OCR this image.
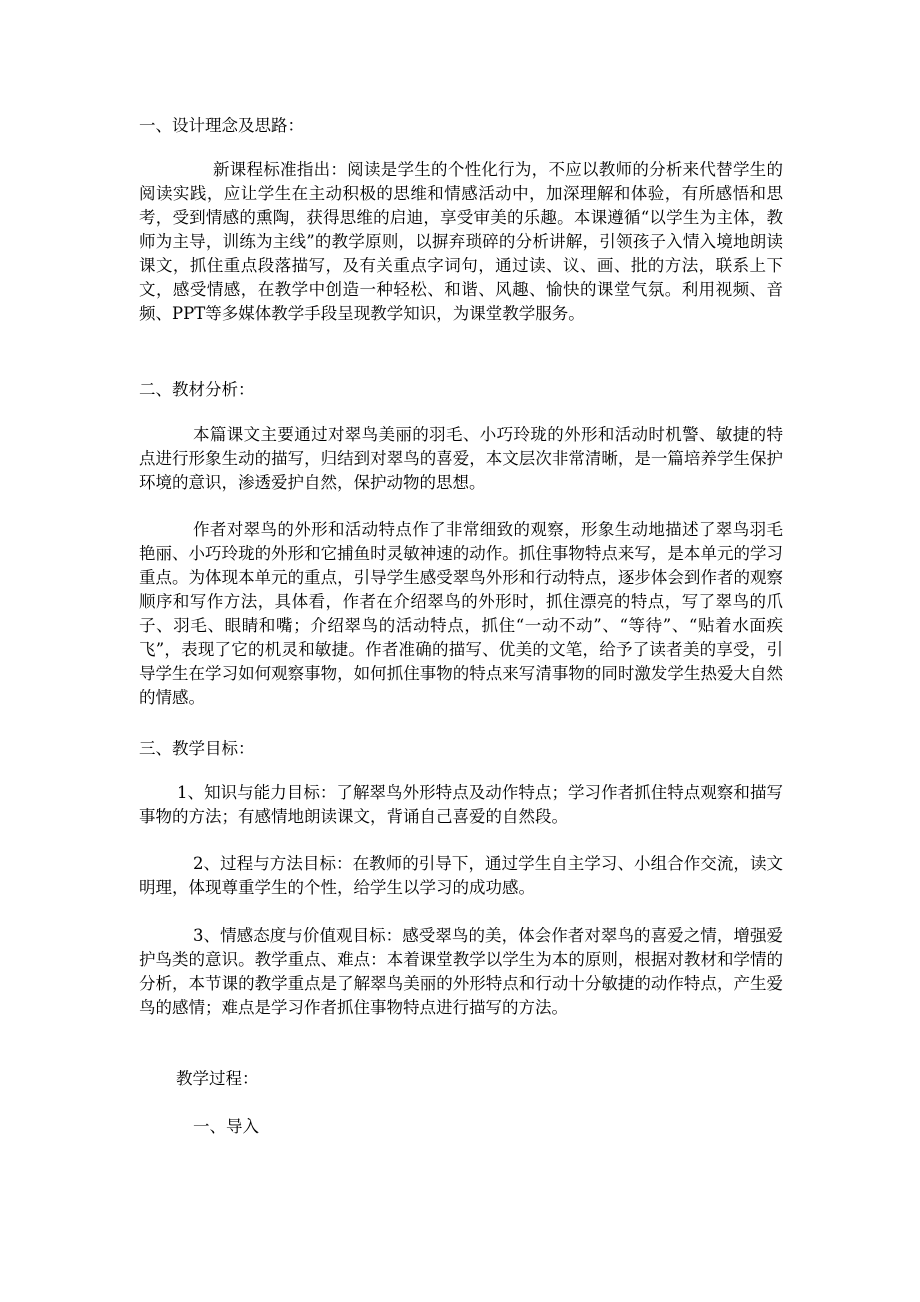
一、设计理念及思路：

新课程标准指出：阅读是学生的个性化行为，不应以教师的分析来代替学生的阅读实践，应让学生在主动积极的思维和情感活动中，加深理解和体验，有所感悟和思考，受到情感的熏陶，获得思维的启迪，享受审美的乐趣。本课遵循“以学生为主体，教师为主导，训练为主线”的教学原则，以摒弃琐碎的分析讲解，引领孩子入情入境地朗读课文，抓住重点段落描写，及有关重点字词句，通过读、议、画、批的方法，联系上下文，感受情感，在教学中创造一种轻松、和谐、风趣、愉快的课堂气氛。利用视频、音频、PPT等多媒体教学手段呈现教学知识，为课堂教学服务。

二、教材分析：

本篇课文主要通过对翠鸟美丽的羽毛、小巧玲珑的外形和活动时机警、敏捷的特点进行形象生动的描写，归结到对翠鸟的喜爱，本文层次非常清晰，是一篇培养学生保护环境的意识，渗透爱护自然，保护动物的思想。

作者对翠鸟的外形和活动特点作了非常细致的观察，形象生动地描述了翠鸟羽毛艳丽、小巧玲珑的外形和它捕鱼时灵敏神速的动作。抓住事物特点来写，是本单元的学习重点。为体现本单元的重点，引导学生感受翠鸟外形和行动特点，逐步体会到作者的观察顺序和写作方法，具体看，作者在介绍翠鸟的外形时，抓住漂亮的特点，写了翠鸟的爪子、羽毛、眼睛和嘴；介绍翠鸟的活动特点，抓住“一动不动”、“等待”、“贴着水面疾飞”，表现了它的机灵和敏捷。作者准确的描写、优美的文笔，给予了读者美的享受，引导学生在学习如何观察事物，如何抓住事物的特点来写清事物的同时激发学生热爱大自然的情感。

三、教学目标：

1、知识与能力目标：了解翠鸟外形特点及动作特点；学习作者抓住特点观察和描写事物的方法；有感情地朗读课文，背诵自己喜爱的自然段。

2、过程与方法目标：在教师的引导下，通过学生自主学习、小组合作交流，读文明理，体现尊重学生的个性，给学生以学习的成功感。

3、情感态度与价值观目标：感受翠鸟的美，体会作者对翠鸟的喜爱之情，增强爱护鸟类的意识。教学重点、难点：本着课堂教学以学生为本的原则，根据对教材和学情的分析，本节课的教学重点是了解翠鸟美丽的外形特点和行动十分敏捷的动作特点，产生爱鸟的感情；难点是学习作者抓住事物特点进行描写的方法。

教学过程：

一、导入
